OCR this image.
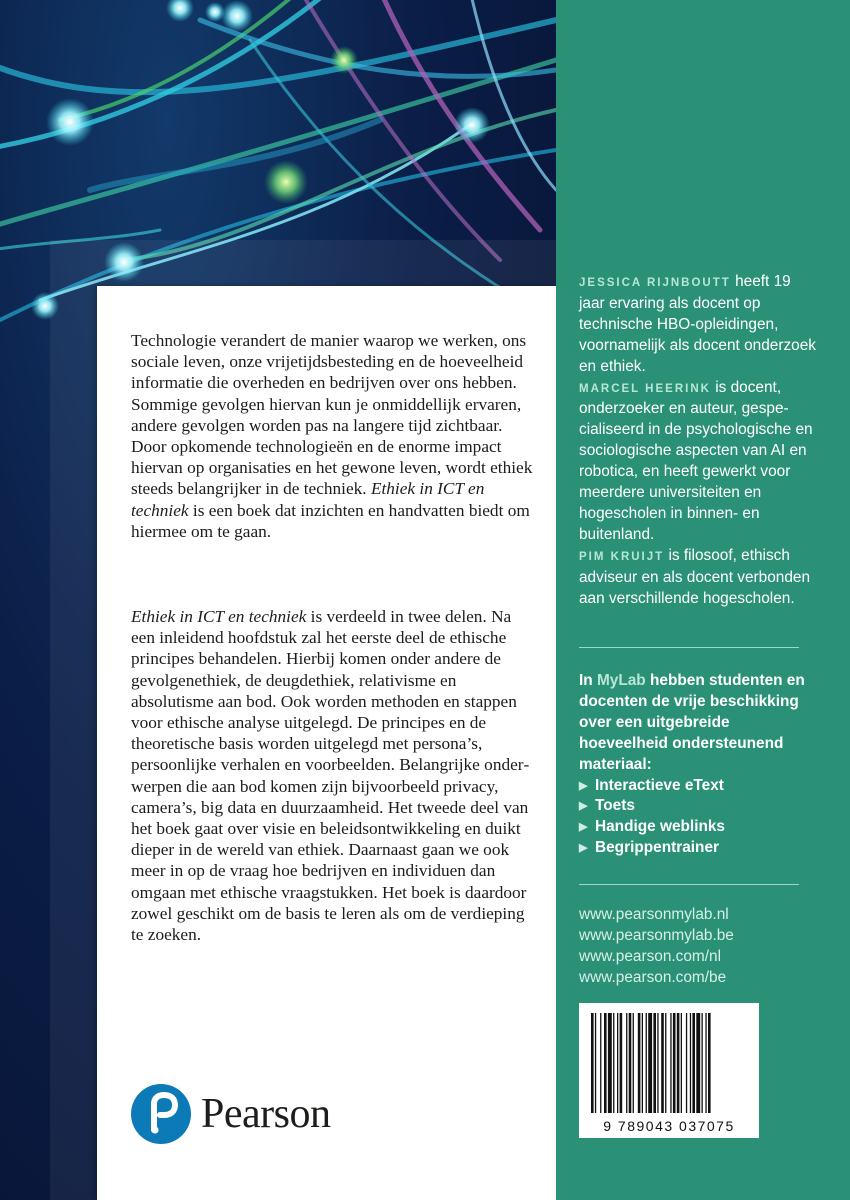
Technologie verandert de manier waarop we werken, ons sociale leven, onze vrijetijdsbesteding en de hoeveelheid informatie die overheden en bedrijven over ons hebben. Sommige gevolgen hiervan kun je onmiddellijk ervaren, andere gevolgen worden pas na langere tijd zichtbaar. Door opkomende technologieën en de enorme impact hiervan op organisaties en het gewone leven, wordt ethiek steeds belangrijker in de techniek. Ethiek in ICT en techniek is een boek dat inzichten en handvatten biedt om hiermee om te gaan.

Ethiek in ICT en techniek is verdeeld in twee delen. Na een inleidend hoofdstuk zal het eerste deel de ethische principes behandelen. Hierbij komen onder andere de gevolgenethiek, de deugdethiek, relativisme en absolutisme aan bod. Ook worden methoden en stappen voor ethische analyse uitgelegd. De principes en de theoretische basis worden uitgelegd met persona’s, persoonlijke verhalen en voorbeelden. Belangrijke onderwerpen die aan bod komen zijn bijvoorbeeld privacy, camera’s, big data en duurzaamheid. Het tweede deel van het boek gaat over visie en beleidsontwikkeling en duikt dieper in de wereld van ethiek. Daarnaast gaan we ook meer in op de vraag hoe bedrijven en individuen dan omgaan met ethische vraagstukken. Het boek is daardoor zowel geschikt om de basis te leren als om de verdieping te zoeken.

Pearson

JESSICA RIJNBOUTT heeft 19 jaar ervaring als docent op technische HBO-opleidingen, voornamelijk als docent onderzoek en ethiek.

MARCEL HEERINK is docent, onderzoeker en auteur, gespecialiseerd in de psychologische en sociologische aspecten van AI en robotica, en heeft gewerkt voor meerdere universiteiten en hogescholen in binnen- en buitenland.

PIM KRUIJT is filosoof, ethisch adviseur en als docent verbonden aan verschillende hogescholen.

In MyLab hebben studenten en docenten de vrije beschikking over een uitgebreide hoeveelheid ondersteunend materiaal:

▶ Interactieve eText
▶ Toets
▶ Handige weblinks
▶ Begrippentrainer
www.pearsonmylab.nl
www.pearsonmylab.be
www.pearson.com/nl
www.pearson.com/be
9 789043 037075
